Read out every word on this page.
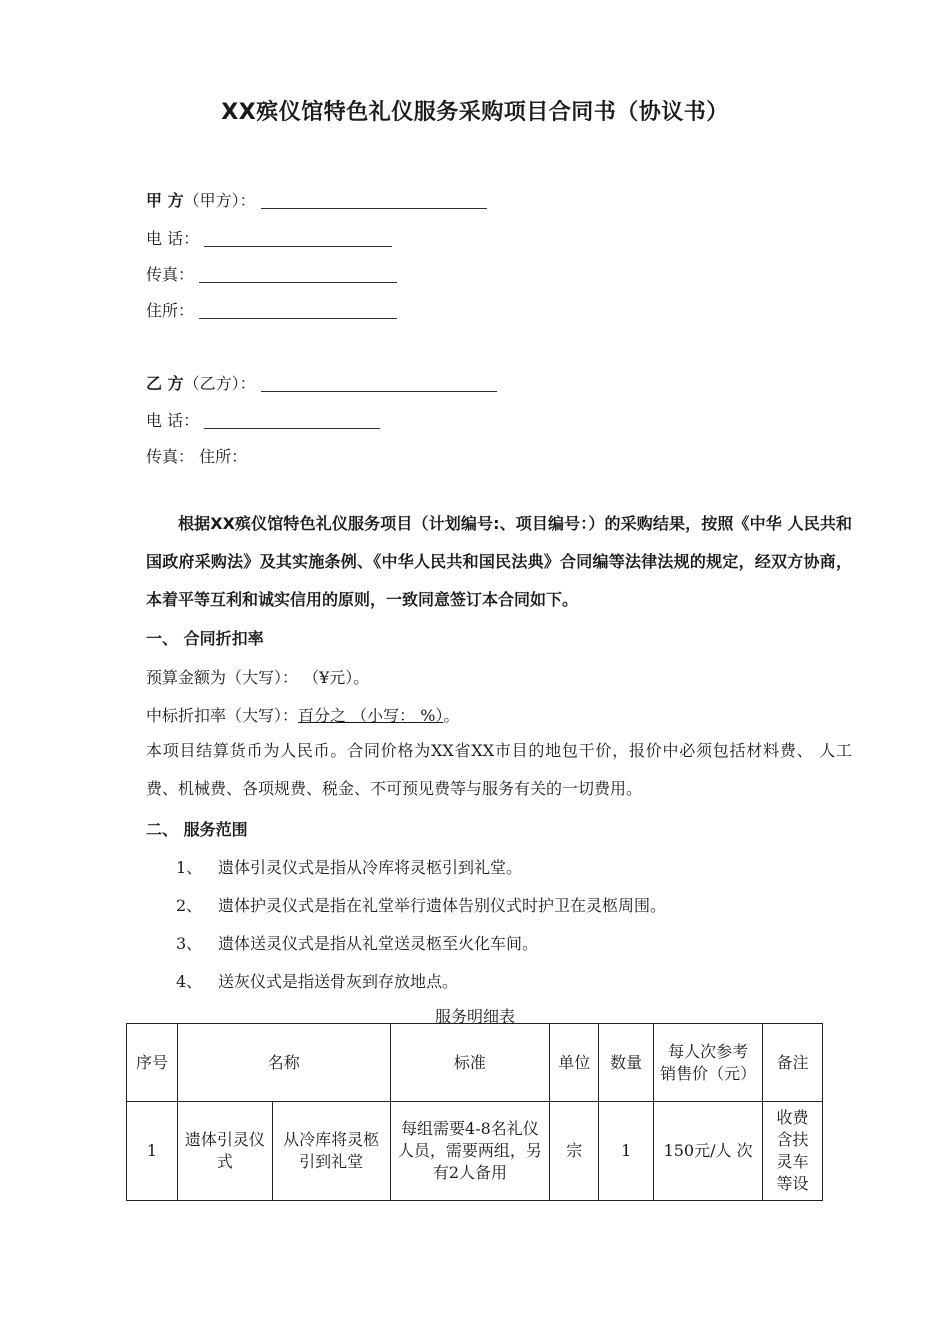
XX殡仪馆特色礼仪服务采购项目合同书（协议书）
甲 方（甲方）：
电 话：
传真：
住所：
乙 方（乙方）：
电 话：
传真： 住所：
根据XX殡仪馆特色礼仪服务项目（计划编号:、项目编号：）的采购结果，按照《中华 人民共和国政府采购法》及其实施条例、《中华人民共和国民法典》合同编等法律法规的规定，经双方协商，本着平等互利和诚实信用的原则，一致同意签订本合同如下。
一、 合同折扣率
预算金额为（大写）： （¥元）。
中标折扣率（大写）：百分之 （小写： %）。
本项目结算货币为人民币。合同价格为XX省XX市目的地包干价，报价中必须包括材料费、 人工费、机械费、各项规费、税金、不可预见费等与服务有关的一切费用。
二、 服务范围
1、 遗体引灵仪式是指从冷库将灵柩引到礼堂。
2、 遗体护灵仪式是指在礼堂举行遗体告别仪式时护卫在灵柩周围。
3、 遗体送灵仪式是指从礼堂送灵柩至火化车间。
4、 送灰仪式是指送骨灰到存放地点。
服务明细表
序号	名称		标准	单位	数量	每人次参考销售价（元）	备注
1	遗体引灵仪式	从冷库将灵柩引到礼堂	每组需要4-8名礼仪人员，需要两组，另有2人备用	宗	1	150元/人 次	收费含扶灵车等设
